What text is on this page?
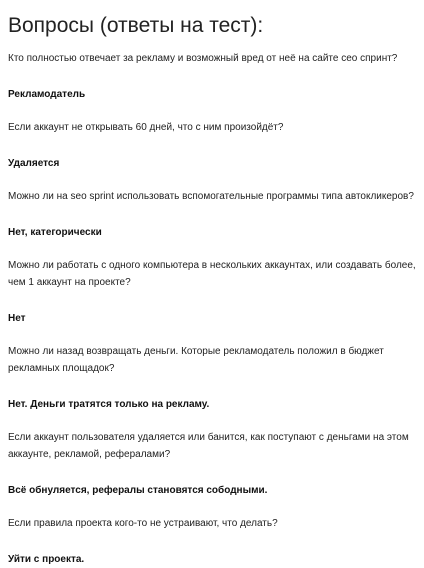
Вопросы (ответы на тест):

Кто полностью отвечает за рекламу и возможный вред от неё на сайте сео спринт?

Рекламодатель

Если аккаунт не открывать 60 дней, что с ним произойдёт?

Удаляется

Можно ли на seo sprint использовать вспомогательные программы типа автокликеров?

Нет, категорически

Можно ли работать с одного компьютера в нескольких аккаунтах, или создавать более, чем 1 аккаунт на проекте?

Нет

Можно ли назад возвращать деньги. Которые рекламодатель положил в бюджет рекламных площадок?

Нет. Деньги тратятся только на рекламу.

Если аккаунт пользователя удаляется или банится, как поступают с деньгами на этом аккаунте, рекламой, рефералами?

Всё обнуляется, рефералы становятся сободными.

Если правила проекта кого-то не устраивают, что делать?

Уйти с проекта.
